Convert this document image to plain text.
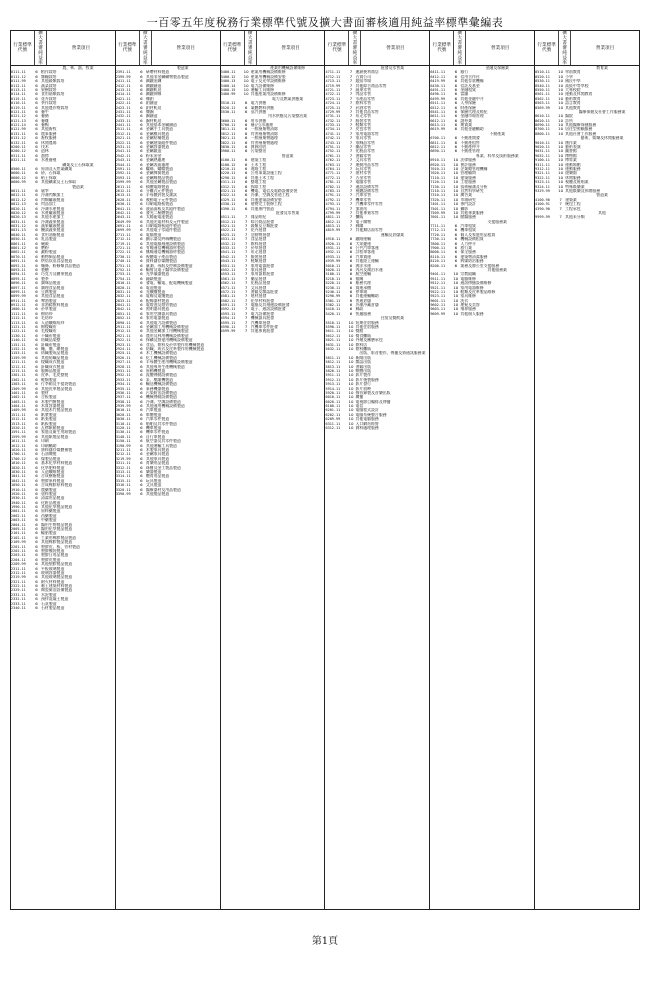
一百零五年度稅務行業標準代號及擴大書面審核適用純益率標準彙編表
行業標準代號
擴大書審純益率
營業項目
農、林、漁、牧業
0111-11	6 稻作栽培
0111-12	6 雜糧栽培
0111-99	6 其他穀類栽培
0112-11	6 蔬菜栽培
0113-11	6 果樹栽培
0114-11	6 食用菇類栽培
0115-11	6 花卉栽培
0116-11	6 茶作栽培
0119-11	6 其他農作物栽培
0121-11	6 養牛
0121-12	6 養豬
0121-13	6 養雞
0121-14	6 養鴨
0121-99	6 其他畜牧
0131-11	6 農事服務
0131-12	6 畜牧服務
0132-11	6 休閒農場
0200-11	6 伐木
0200-12	6 造林
0311-11	6 漁撈
0321-11	6 水產養殖
礦業及土石採取業
0500-11	6 原油及天然氣礦業
0600-11	6 砂、石採取
0600-12	6 粘土採取
0600-99	6 其他礦業及土石採取
製造業
0811-11	6 屠宰
0812-11	6 冷凍肉類加工
0812-12	6 肉類罐頭製造
0812-13	6 肉品加工
0820-11	6 冷凍水產製造
0820-12	6 水產罐頭製造
0820-13	6 其他水產加工
0831-11	6 冷凍蔬果製造
0831-12	6 蔬果罐頭製造
0831-13	6 醃漬蔬果製造
0840-11	6 食用油脂製造
0850-11	6 乳品製造
0861-11	6 碾穀
0861-12	6 磨粉
0862-11	6 澱粉製造
0870-11	6 動物飼品製造
0891-11	6 烘焙炊蒸食品製造
0892-11	6 麵條、粉條類食品製造
0893-11	6 製糖
0894-11	6 巧克力及糖果製造
0895-11	6 製茶
0896-11	6 調味品製造
0897-11	6 調理食品製造
0899-11	6 豆腐製造
0899-99	6 其他食品製造
0911-11	6 啤酒製造
0912-11	6 非酒精飲料製造
1000-11	6 菸草製造
1111-11	6 棉紡紗
1112-11	6 毛紡紗
1113-11	6 人造纖維紡紗
1121-11	6 棉梭織布
1122-11	6 毛梭織布
1130-11	6 不織布製造
1140-11	6 紡織品染整
1151-11	6 針織布製造
1152-11	6 繩、纜、網製造
1153-11	6 紡織製成品製造
1159-99	6 其他紡織品製造
1211-11	6 梭織成衣製造
1212-11	6 針織成衣製造
1213-11	6 服飾品製造
1301-11	6 皮革、毛皮整製
1302-11	6 鞋類製造
1303-11	6 行李箱及手提袋製造
1309-99	6 其他皮革製品製造
1401-11	6 製材
1402-11	6 合板製造
1403-11	6 木製門窗製造
1404-11	6 木質容器製造
1409-99	6 其他木竹製品製造
1511-11	6 紙漿製造
1512-11	6 紙張製造
1513-11	6 紙板製造
1520-11	6 瓦楞紙箱製造
1591-11	6 家庭及衛生用紙製造
1599-99	6 其他紙製品製造
1611-11	6 印刷
1612-11	6 印刷輔助
1620-11	6 資料儲存媒體複製
1700-11	6 石油煉製
1700-12	6 煤製品製造
1810-11	6 基本化學材料製造
1820-11	6 化學肥料製造
1830-11	6 人造纖維製造
1841-11	6 合成樹脂製造
1842-11	6 塑膠原料製造
1850-11	6 合成橡膠原料製造
1910-11	6 農藥製造
1920-11	6 塗料製造
1930-11	6 清潔用品製造
1940-11	6 化粧品製造
1990-11	6 其他化學製品製造
2001-11	6 原料藥製造
2002-11	6 西藥製造
2003-11	6 中藥製造
2004-11	6 醫用生物製品製造
2005-11	6 醫用化學製品製造
2101-11	6 輪胎製造
2102-11	6 工業用橡膠製品製造
2109-99	6 其他橡膠製品製造
2201-11	6 塑膠皮、板、管材製造
2202-11	6 塑膠膜袋製造
2203-11	6 塑膠日用品製造
2204-11	6 塑膠皮製造
2209-99	6 其他塑膠製品製造
2311-11	6 平板玻璃製造
2312-11	6 玻璃容器製造
2319-99	6 其他玻璃製品製造
2321-11	6 耐火材料製造
2322-11	6 黏土建築材料製造
2329-11	6 陶瓷衛浴設備製造
2331-11	6 水泥製造
2332-11	6 預拌混凝土製造
2333-11	6 石灰製造
2340-11	6 石材製品製造
行業標準代號
擴大書審純益率
營業項目
製造業
2391-11	6 研磨材料製造
2399-99	6 其他非金屬礦物製品製造
2411-11	6 鋼鐵冶鍊
2412-11	6 鋼鐵鑄造
2413-11	6 鋼鐵軋延
2414-11	6 鋼鐵伸線
2421-11	6 煉鋁
2422-11	6 鋁鑄造
2423-11	6 鋁材軋延
2431-11	6 煉銅
2432-11	6 銅鑄造
2433-11	6 銅材軋延
2441-11	6 其他基本金屬鑄造
2511-11	6 金屬手工具製造
2512-11	6 金屬模具製造
2521-11	6 金屬結構製造
2522-11	6 金屬建築組件製造
2531-11	6 金屬容器製造
2541-11	6 金屬鍛造
2542-11	6 粉末冶金
2543-11	6 金屬熱處理
2544-11	6 金屬表面處理
2591-11	6 螺絲、螺帽製造
2592-11	6 金屬彈簧製造
2593-11	6 金屬線製品製造
2599-99	6 其他金屬製品製造
2611-11	6 積體電路製造
2612-11	6 分離式元件製造
2613-11	6 半導體封裝及測試
2620-11	6 被動電子元件製造
2630-11	6 印刷電路板製造
2641-11	6 液晶面板及其組件製造
2642-11	6 發光二極體製造
2643-11	6 太陽能電池製造
2649-99	6 其他光電材料及元件製造
2691-11	6 印刷電路板組件製造
2699-99	6 其他電子零組件製造
2711-11	6 電腦製造
2712-11	6 顯示器及終端機製造
2719-11	6 其他電腦週邊設備製造
2721-11	6 有線通信機械器材製造
2722-11	6 無線通信機械器材製造
2730-11	6 視聽電子產品製造
2740-11	6 資料儲存媒體製造
2751-11	6 量測、導航及控制設備製造
2752-11	6 輻射及電子醫學設備製造
2753-11	6 光學儀器製造
2754-11	6 鐘錶製造
2810-11	6 發電、輸電、配電機械製造
2820-11	6 電池製造
2831-11	6 光纖纜製造
2832-11	6 電線及電纜製造
2833-11	6 配線器材製造
2841-11	6 電燈泡及燈管製造
2842-11	6 照明器具製造
2851-11	6 家用空調器具製造
2852-11	6 家用電器製造
2890-11	6 其他電力設備製造
2911-11	6 金屬加工用機械設備製造
2912-11	6 其他金屬加工用機械製造
2921-11	6 農用及林用機械設備製造
2922-11	6 採礦及營建用機械設備製造
2923-11	6 食品、飲料及菸草製作用機械製造
2924-11	6 紡織、成衣及皮革製作用機械製造
2925-11	6 木工機械設備製造
2926-11	6 化工機械設備製造
2927-11	6 半導體生產用機械設備製造
2928-11	6 其他專用生產機械製造
2931-11	6 原動機製造
2932-11	6 流體傳動設備製造
2933-11	6 泵、壓縮機製造
2934-11	6 輸送機械設備製造
2935-11	6 事務機器製造
2936-11	6 污染防治設備製造
2937-11	6 機械傳動設備製造
2938-11	6 冷凍、空調設備製造
2939-99	6 其他通用機械設備製造
3010-11	6 汽車製造
3020-11	6 車體製造
3030-11	6 汽車零件製造
3110-11	6 船舶及其零件製造
3120-11	6 機車製造
3130-11	6 機車零件製造
3140-11	6 自行車製造
3150-11	6 航空器及其零件製造
3190-99	6 其他運輸工具製造
3211-11	6 木製家具製造
3212-11	6 金屬家具製造
3219-99	6 其他家具製造
3311-11	6 育樂用品製造
3312-11	6 珠寶及金工製品製造
3313-11	6 樂器製造
3314-11	6 體育用品製造
3315-11	6 玩具製造
3316-11	6 文具製造
3320-11	6 醫療器材及用品製造
3390-99	6 其他製品製造
行業標準代號
擴大書審純益率
營業項目
產業用機械設備維修
3400-11	10 產業用機械設備維修
3400-12	10 產業用機械設備安裝
3400-13	10 電子及光學設備維修
3400-14	10 電力設備維修
3400-15	10 運輸工具維修
3400-99	10 其他產業用設備維修
電力及燃氣供應業
3510-11	6 電力供應
3520-11	6 氣體燃料供應
3530-11	6 蒸汽供應
用水供應及污染整治業
3600-11	6 用水供應
3700-11	6 廢(污)水處理
3811-11	6 一般廢棄物清除
3812-11	6 有害廢棄物清除
3821-11	6 一般廢棄物處理
3822-11	6 有害廢棄物處理
3830-11	6 資源回收
3900-11	6 污染整治
營造業
4100-11	6 建築工程
4100-12	6 土木工程
4210-11	6 道路工程
4220-11	6 公用事業設施工程
4290-11	6 其他土木工程
4311-11	6 整地工程
4312-11	6 拆除工程
4321-11	6 機電、電信及電路設備安裝
4322-11	6 冷凍、空調及管道工程
4329-11	6 其他建築設備安裝
4330-11	6 建物完工裝修工程
4390-11	6 其他專門營造
批發及零售業
4511-11	7 商品經紀
4512-11	7 綜合商品批發
4521-11	7 穀類及豆類批發
4522-11	7 花卉批發
4523-11	7 活動物批發
4531-11	7 食品批發
4532-11	7 飲料批發
4533-11	7 菸草批發
4541-11	7 布疋批發
4542-11	7 服裝批發
4543-11	7 鞋類批發
4551-11	7 家用電器批發
4552-11	7 家具批發
4553-11	7 家用器皿批發
4561-11	7 藥品批發
4562-11	7 化粧品批發
4571-11	7 文具批發
4572-11	7 書籍及雜誌批發
4581-11	7 建材批發
4582-11	7 化學材料批發
4591-11	7 電腦及其週邊設備批發
4592-11	7 電子、通訊設備批發
4593-11	7 電力設備批發
4594-11	7 機械器具批發
4595-11	7 汽機車批發
4596-11	7 汽機車零件批發
4599-99	7 其他專賣批發
行業標準代號
擴大書審純益率
營業項目
批發及零售業
4711-11	7 連鎖便利商店
4712-11	7 百貨公司
4713-11	7 超級市場
4719-99	7 其他綜合商品零售
4721-11	7 蔬果零售
4722-11	7 肉品零售
4723-11	7 水產品零售
4724-11	7 飲料零售
4725-11	7 菸酒零售
4729-99	7 其他食品零售
4731-11	7 布疋零售
4732-11	7 服裝零售
4733-11	7 鞋類零售
4734-11	7 皮包零售
4741-11	7 家用電器零售
4742-11	7 家具零售
4743-11	7 家飾品零售
4751-11	7 藥品零售
4752-11	7 化粧品零售
4761-11	7 書籍零售
4762-11	7 文具零售
4763-11	7 運動用品零售
4764-11	7 玩具零售
4771-11	7 建材零售
4772-11	7 五金零售
4781-11	7 電腦零售
4782-11	7 通訊設備零售
4783-11	7 視聽設備零售
4791-11	7 汽車零售
4792-11	7 機車零售
4793-11	7 汽機車零件零售
4794-11	7 加油站
4799-99	7 其他專賣零售
4811-11	7 攤販
4812-11	7 電子購物
4813-11	7 郵購
4819-99	7 其他無店面零售
運輸及倉儲業
4910-11	6 鐵路運輸
4920-11	6 大眾捷運
4931-11	6 公共汽車客運
4932-11	6 計程車客運
4933-11	6 汽車貨運
4939-99	6 其他陸上運輸
5010-11	6 海洋水運
5020-11	6 內河及湖泊水運
5100-11	6 航空運輸
5210-11	6 報關
5220-11	6 船務代理
5230-11	6 貨運承攬
5240-11	6 停車場
5290-99	6 其他運輸輔助
5301-11	6 普通倉儲
5302-11	6 冷凍冷藏倉儲
5410-11	6 郵政
5420-11	6 快遞服務
住宿及餐飲業
5510-11	10 短期住宿服務
5590-11	10 其他住宿服務
5611-11	10 餐館
5612-11	10 餐食攤販
5621-11	10 外燴及團膳承包
5631-11	10 飲料店
5632-11	10 飲料攤販
出版、影音製作、傳播及資通訊服務業
5811-11	10 新聞出版
5812-11	10 雜誌出版
5813-11	10 書籍出版
5820-11	10 軟體出版
5911-11	10 影片製作
5912-11	10 影片後製服務
5913-11	10 影片發行
5914-11	10 影片放映
5920-11	10 聲音錄製及音樂出版
6010-11	10 廣播
6020-11	10 電視節目編排及傳播
6100-11	10 電信
6201-11	10 電腦程式設計
6202-11	10 電腦系統整合服務
6209-99	10 其他電腦服務
6311-11	10 入口網站經營
6312-11	10 資料處理服務
行業標準代號
擴大書審純益率
營業項目
金融及保險業
6411-11	6 銀行
6412-11	6 信用合作社
6419-99	6 其他存款機構
6430-11	6 信託及基金
6491-11	6 金融租賃
6496-11	6 當舖
6499-99	6 其他金融中介
6511-11	6 人身保險
6512-11	6 財產保險
6541-11	6 保險代理及經紀
6611-11	6 金融市場管理
6612-11	6 證券業
6613-11	6 期貨業
6619-99	6 其他金融輔助
不動產業
6700-11	6 不動產開發
6811-11	6 不動產租售
6812-11	6 不動產仲介
6890-11	6 不動產管理
專業、科學及技術服務業
6910-11	10 法律服務
6920-11	10 會計服務
7010-11	10 企業總管理機構
7020-11	10 管理顧問
7110-11	10 建築服務
7120-11	10 工程服務
7130-11	10 技術檢測及分析
7210-11	10 自然科學研究
7310-11	10 廣告業
7320-11	10 市場研究
7401-11	10 專門設計
7501-11	10 攝影
7509-99	10 其他專業服務
7601-11	10 獸醫服務
支援服務業
7711-11	6 汽車租賃
7712-11	6 機車租賃
7720-11	6 個人及家庭用品租賃
7730-11	6 機械設備租賃
7800-11	6 人力仲介
7900-11	6 旅行業
8000-11	6 保全服務
8110-11	6 建築物清潔服務
8120-11	6 病媒防治服務
8200-11	6 業務及辦公室支援服務
其他服務業
9401-11	10 宗教組織
9511-11	10 電腦維修
9512-11	10 通訊傳播設備維修
9521-11	10 家用電器維修
9522-11	10 鞋類及皮革製品維修
9523-11	10 家具維修
9601-11	10 洗衣
9602-11	10 理髮及美容
9603-11	10 殯葬服務
9609-99	10 其他個人服務
行業標準代號
擴大書審純益率
營業項目
教育業
8510-11	10 學前教育
8520-11	10 小學
8530-11	10 國民中學
8540-11	10 高級中等學校
8550-11	10 大專校院
8561-11	10 運動及休閒教育
8562-11	10 藝術教育
8563-11	10 語言教育
8569-99	10 其他教育
醫療保健及社會工作服務業
8610-11	10 醫院
8620-11	10 診所
8690-11	10 其他醫療保健服務
8700-11	10 居住型照顧服務
8800-11	10 其他社會工作服務
藝術、娛樂及休閒服務業
9010-11	10 創作業
9020-11	10 藝術表演
9031-11	10 圖書館
9032-11	10 博物館
9100-11	10 博弈業
9311-11	10 運動場館
9312-11	10 運動服務
9321-11	10 遊樂園
9322-11	10 休閒服務
9323-11	10 視聽及視唱業
9324-11	10 特殊娛樂業
9329-99	10 其他娛樂及休閒服務
營造業
4100-90	7 建築業
4100-91	7 統包工程
4390-90	7 工程承包
其他
9999-99	7 其他未分類
第1頁
